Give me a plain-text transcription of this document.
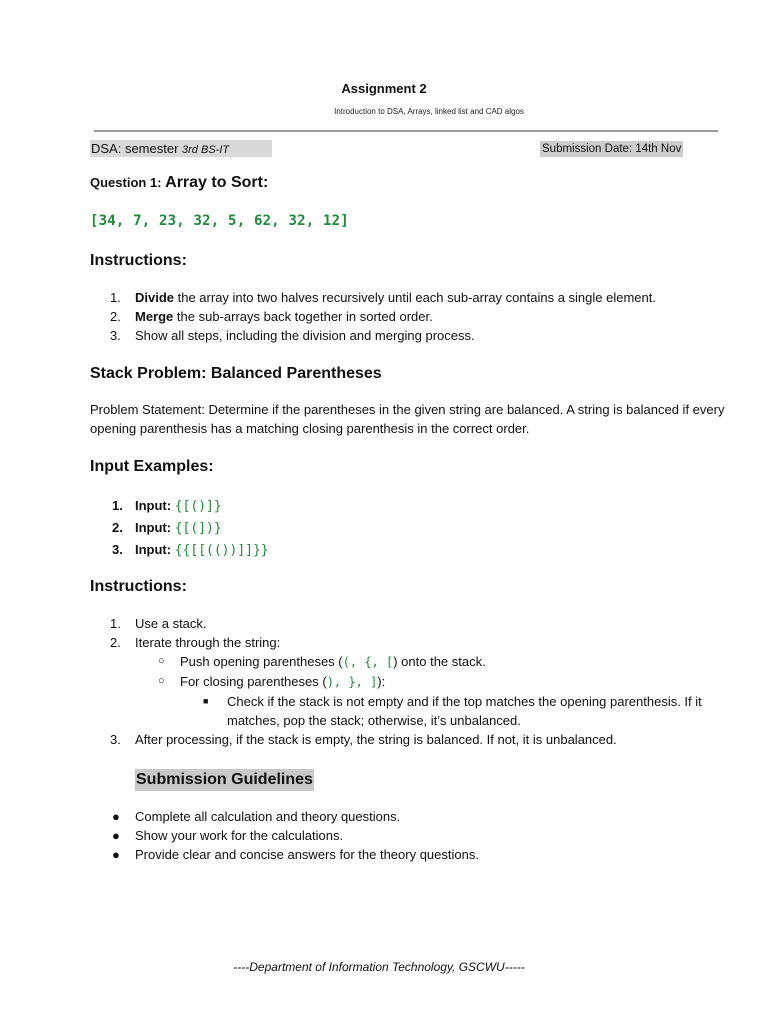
Assignment 2
Introduction to DSA, Arrays, linked list and CAD algos
DSA: semester 3rd BS-IT	Submission Date: 14th Nov
Question 1: Array to Sort:
[34, 7, 23, 32, 5, 62, 32, 12]
Instructions:
1. Divide the array into two halves recursively until each sub-array contains a single element.
2. Merge the sub-arrays back together in sorted order.
3. Show all steps, including the division and merging process.
Stack Problem: Balanced Parentheses
Problem Statement: Determine if the parentheses in the given string are balanced. A string is balanced if every opening parenthesis has a matching closing parenthesis in the correct order.
Input Examples:
1. Input: {[()]}
2. Input: {[(])}
3. Input: {{[[(())]]}}
Instructions:
1. Use a stack.
2. Iterate through the string:
○ Push opening parentheses ((, {, [) onto the stack.
○ For closing parentheses (), }, ]):
■ Check if the stack is not empty and if the top matches the opening parenthesis. If it matches, pop the stack; otherwise, it’s unbalanced.
3. After processing, if the stack is empty, the string is balanced. If not, it is unbalanced.
Submission Guidelines
● Complete all calculation and theory questions.
● Show your work for the calculations.
● Provide clear and concise answers for the theory questions.
----Department of Information Technology, GSCWU-----
